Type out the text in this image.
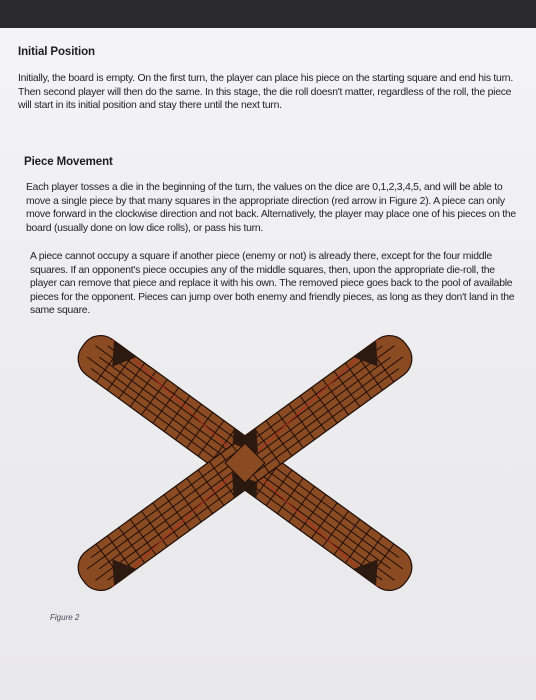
Initial Position
Initially, the board is empty. On the first turn, the player can place his piece on the starting square and end his turn. Then second player will then do the same. In this stage, the die roll doesn't matter, regardless of the roll, the piece will start in its initial position and stay there until the next turn.
Piece Movement
Each player tosses a die in the beginning of the turn, the values on the dice are 0,1,2,3,4,5, and will be able to move a single piece by that many squares in the appropriate direction (red arrow in Figure 2). A piece can only move forward in the clockwise direction and not back. Alternatively, the player may place one of his pieces on the board (usually done on low dice rolls), or pass his turn.
A piece cannot occupy a square if another piece (enemy or not) is already there, except for the four middle squares. If an opponent's piece occupies any of the middle squares, then, upon the appropriate die-roll, the player can remove that piece and replace it with his own. The removed piece goes back to the pool of available pieces for the opponent. Pieces can jump over both enemy and friendly pieces, as long as they don't land in the same square.
Figure 2
